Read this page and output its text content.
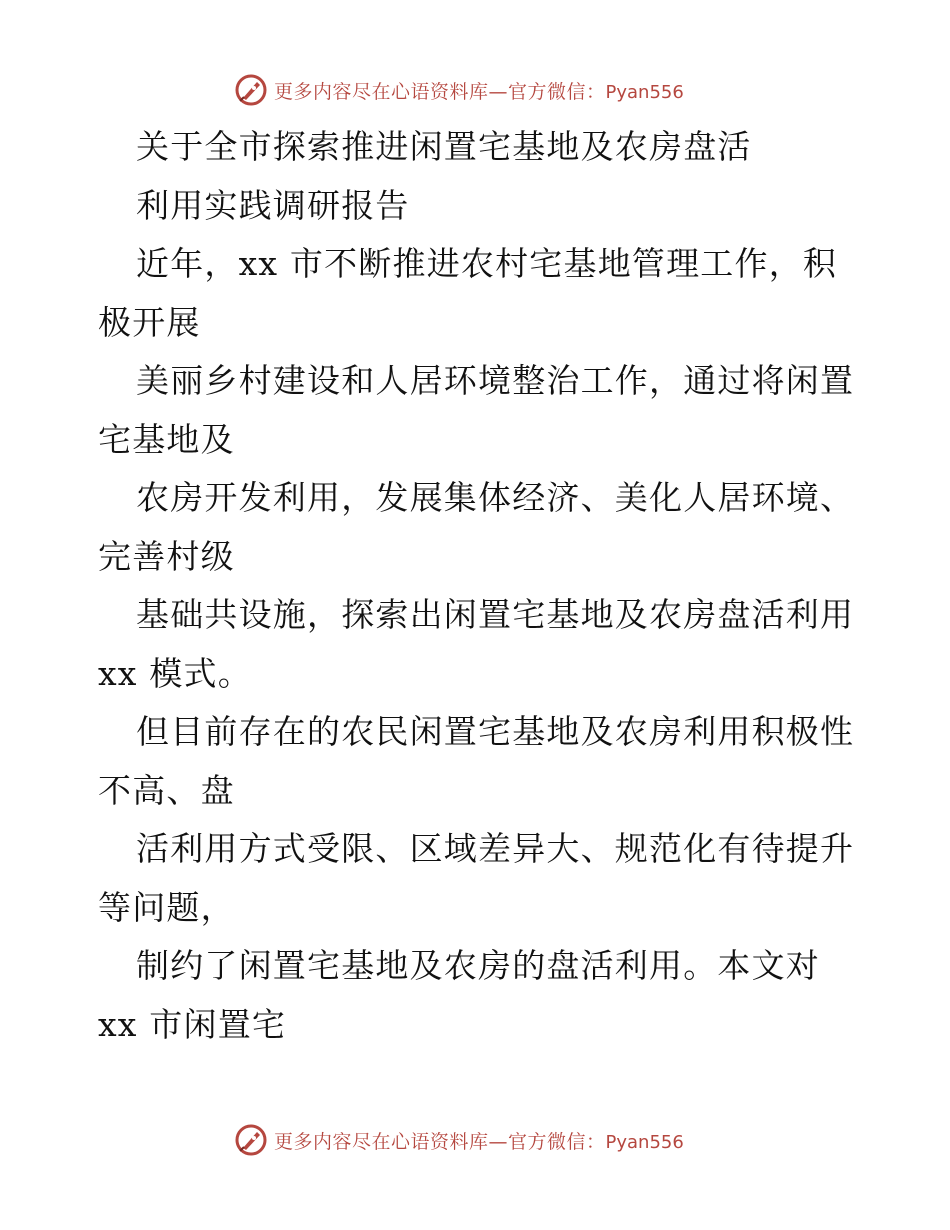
更多内容尽在心语资料库—官方微信：Pyan556
关于全市探索推进闲置宅基地及农房盘活
利用实践调研报告
近年，xx 市不断推进农村宅基地管理工作，积
极开展
美丽乡村建设和人居环境整治工作，通过将闲置
宅基地及
农房开发利用，发展集体经济、美化人居环境、
完善村级
基础共设施，探索出闲置宅基地及农房盘活利用
xx 模式。
但目前存在的农民闲置宅基地及农房利用积极性
不高、盘
活利用方式受限、区域差异大、规范化有待提升
等问题，
制约了闲置宅基地及农房的盘活利用。本文对
xx 市闲置宅
更多内容尽在心语资料库—官方微信：Pyan556
